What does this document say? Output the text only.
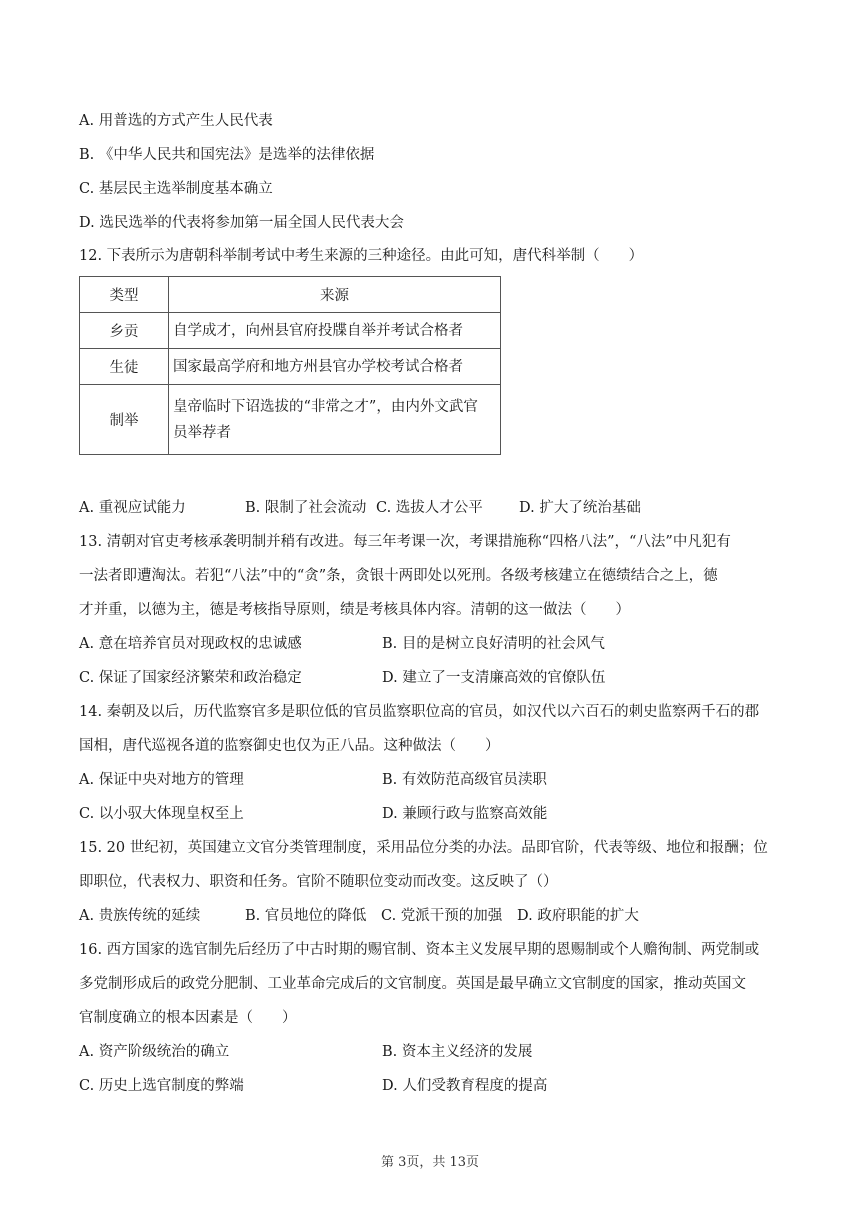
A. 用普选的方式产生人民代表
B. 《中华人民共和国宪法》是选举的法律依据
C. 基层民主选举制度基本确立
D. 选民选举的代表将参加第一届全国人民代表大会
12. 下表所示为唐朝科举制考试中考生来源的三种途径。由此可知，唐代科举制（　　）
类型	来源
乡贡	自学成才，向州县官府投牒自举并考试合格者
生徒	国家最高学府和地方州县官办学校考试合格者
制举	皇帝临时下诏选拔的“非常之才”，由内外文武官
员举荐者
A. 重视应试能力	B. 限制了社会流动 C. 选拔人才公平 D. 扩大了统治基础
13. 清朝对官吏考核承袭明制并稍有改进。每三年考课一次，考课措施称“四格八法”，“八法”中凡犯有
一法者即遭淘汰。若犯“八法”中的“贪”条，贪银十两即处以死刑。各级考核建立在德绩结合之上，德
才并重，以德为主，德是考核指导原则，绩是考核具体内容。清朝的这一做法（　　）
A. 意在培养官员对现政权的忠诚感	B. 目的是树立良好清明的社会风气
C. 保证了国家经济繁荣和政治稳定	D. 建立了一支清廉高效的官僚队伍
14. 秦朝及以后，历代监察官多是职位低的官员监察职位高的官员，如汉代以六百石的刺史监察两千石的郡
国相，唐代巡视各道的监察御史也仅为正八品。这种做法（　　）
A. 保证中央对地方的管理	B. 有效防范高级官员渎职
C. 以小驭大体现皇权至上	D. 兼顾行政与监察高效能
15. 20 世纪初，英国建立文官分类管理制度，采用品位分类的办法。品即官阶，代表等级、地位和报酬；位
即职位，代表权力、职资和任务。官阶不随职位变动而改变。这反映了（）
A. 贵族传统的延续	B. 官员地位的降低 C. 党派干预的加强 D. 政府职能的扩大
16. 西方国家的选官制先后经历了中古时期的赐官制、资本主义发展早期的恩赐制或个人赡徇制、两党制或
多党制形成后的政党分肥制、工业革命完成后的文官制度。英国是最早确立文官制度的国家，推动英国文
官制度确立的根本因素是（　　）
A. 资产阶级统治的确立	B. 资本主义经济的发展
C. 历史上选官制度的弊端	D. 人们受教育程度的提高
第 3页，共 13页
